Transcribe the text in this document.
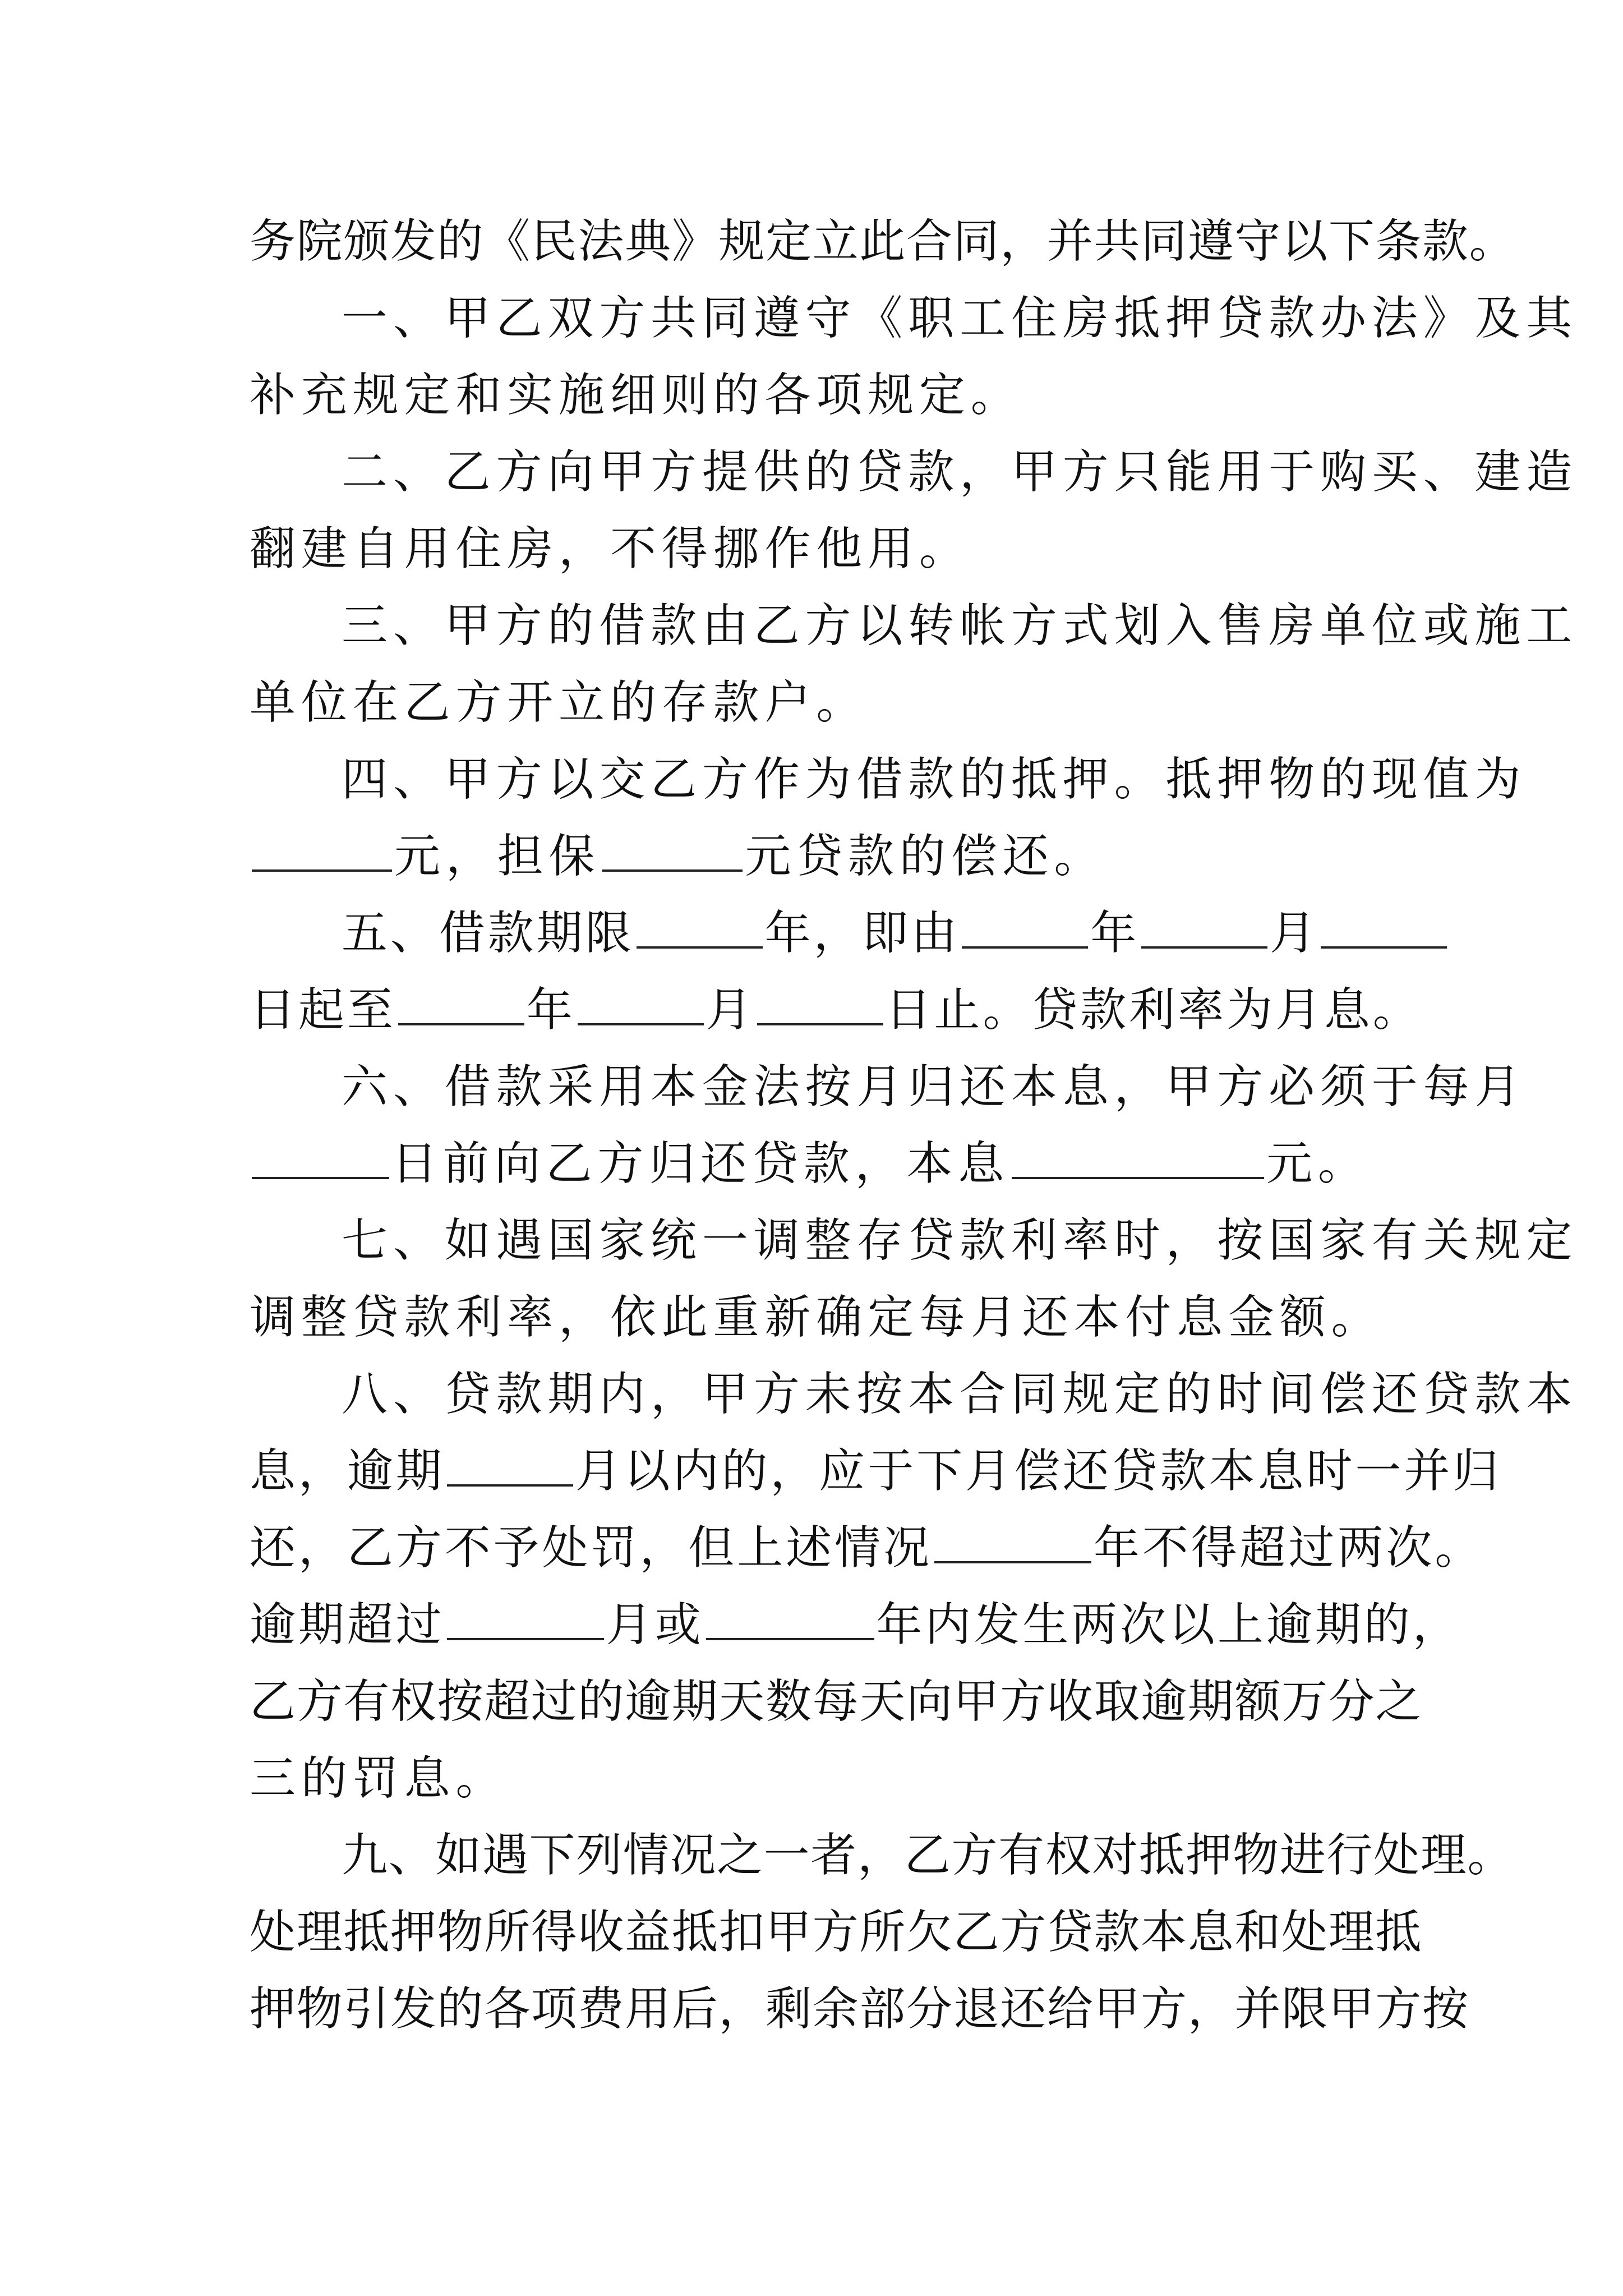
务院颁发的《民法典》规定立此合同，并共同遵守以下条款。
一、甲乙双方共同遵守《职工住房抵押贷款办法》及其
补充规定和实施细则的各项规定。
二、乙方向甲方提供的贷款，甲方只能用于购买、建造
翻建自用住房，不得挪作他用。
三、甲方的借款由乙方以转帐方式划入售房单位或施工
单位在乙方开立的存款户。
四、甲方以交乙方作为借款的抵押。抵押物的现值为
元，担保	元贷款的偿还。
五、借款期限	年，即由	年	月
日起至	年	月	日止。贷款利率为月息。
六、借款采用本金法按月归还本息，甲方必须于每月
日前向乙方归还贷款，本息	元。
七、如遇国家统一调整存贷款利率时，按国家有关规定
调整贷款利率，依此重新确定每月还本付息金额。
八、贷款期内，甲方未按本合同规定的时间偿还贷款本
息，逾期	月以内的，应于下月偿还贷款本息时一并归
还，乙方不予处罚，但上述情况	年不得超过两次。
逾期超过	月或	年内发生两次以上逾期的，
乙方有权按超过的逾期天数每天向甲方收取逾期额万分之
三的罚息。
九、如遇下列情况之一者，乙方有权对抵押物进行处理。
处理抵押物所得收益抵扣甲方所欠乙方贷款本息和处理抵
押物引发的各项费用后，剩余部分退还给甲方，并限甲方按
